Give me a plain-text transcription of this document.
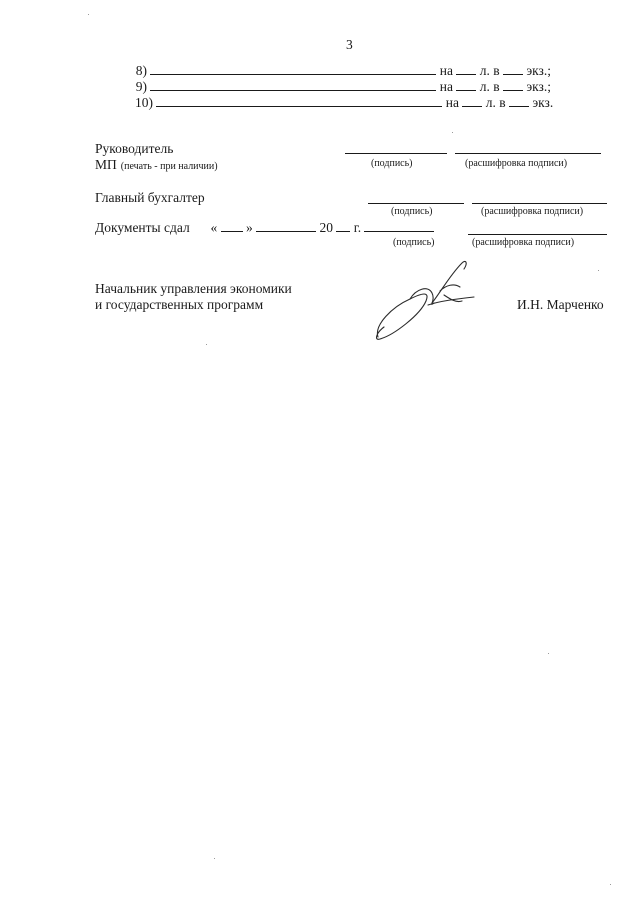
3
8)	на л. в экз.;
9)	на л. в экз.;
10)	на л. в экз.
Руководитель
МП (печать - при наличии)	(подпись)	(расшифровка подписи)
Главный бухгалтер
(подпись)	(расшифровка подписи)
Документы сдал « »	20 г.
(подпись)	(расшифровка подписи)
Начальник управления экономики
и государственных программ	И.Н. Марченко
